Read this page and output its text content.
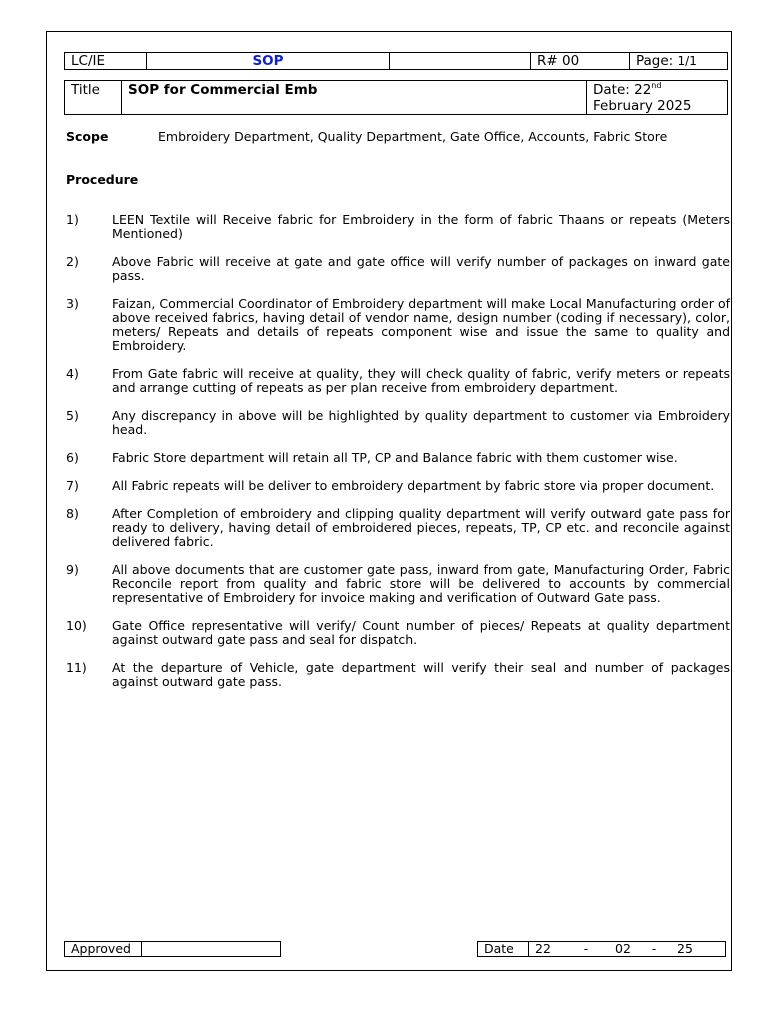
LC/IE	SOP		R# 00	Page: 1/1
Title	SOP for Commercial Emb	Date: 22nd
February 2025
Scope	Embroidery Department, Quality Department, Gate Office, Accounts, Fabric Store
Procedure
1)	LEEN Textile will Receive fabric for Embroidery in the form of fabric Thaans or repeats (Meters Mentioned)
2)	Above Fabric will receive at gate and gate office will verify number of packages on inward gate pass.
3)	Faizan, Commercial Coordinator of Embroidery department will make Local Manufacturing order of above received fabrics, having detail of vendor name, design number (coding if necessary), color, meters/ Repeats and details of repeats component wise and issue the same to quality and Embroidery.
4)	From Gate fabric will receive at quality, they will check quality of fabric, verify meters or repeats and arrange cutting of repeats as per plan receive from embroidery department.
5)	Any discrepancy in above will be highlighted by quality department to customer via Embroidery head.
6)	Fabric Store department will retain all TP, CP and Balance fabric with them customer wise.
7)	All Fabric repeats will be deliver to embroidery department by fabric store via proper document.
8)	After Completion of embroidery and clipping quality department will verify outward gate pass for ready to delivery, having detail of embroidered pieces, repeats, TP, CP etc. and reconcile against delivered fabric.
9)	All above documents that are customer gate pass, inward from gate, Manufacturing Order, Fabric Reconcile report from quality and fabric store will be delivered to accounts by commercial representative of Embroidery for invoice making and verification of Outward Gate pass.
10)	Gate Office representative will verify/ Count number of pieces/ Repeats at quality department against outward gate pass and seal for dispatch.
11)	At the departure of Vehicle, gate department will verify their seal and number of packages against outward gate pass.
Approved		Date	22	- 02 - 25
